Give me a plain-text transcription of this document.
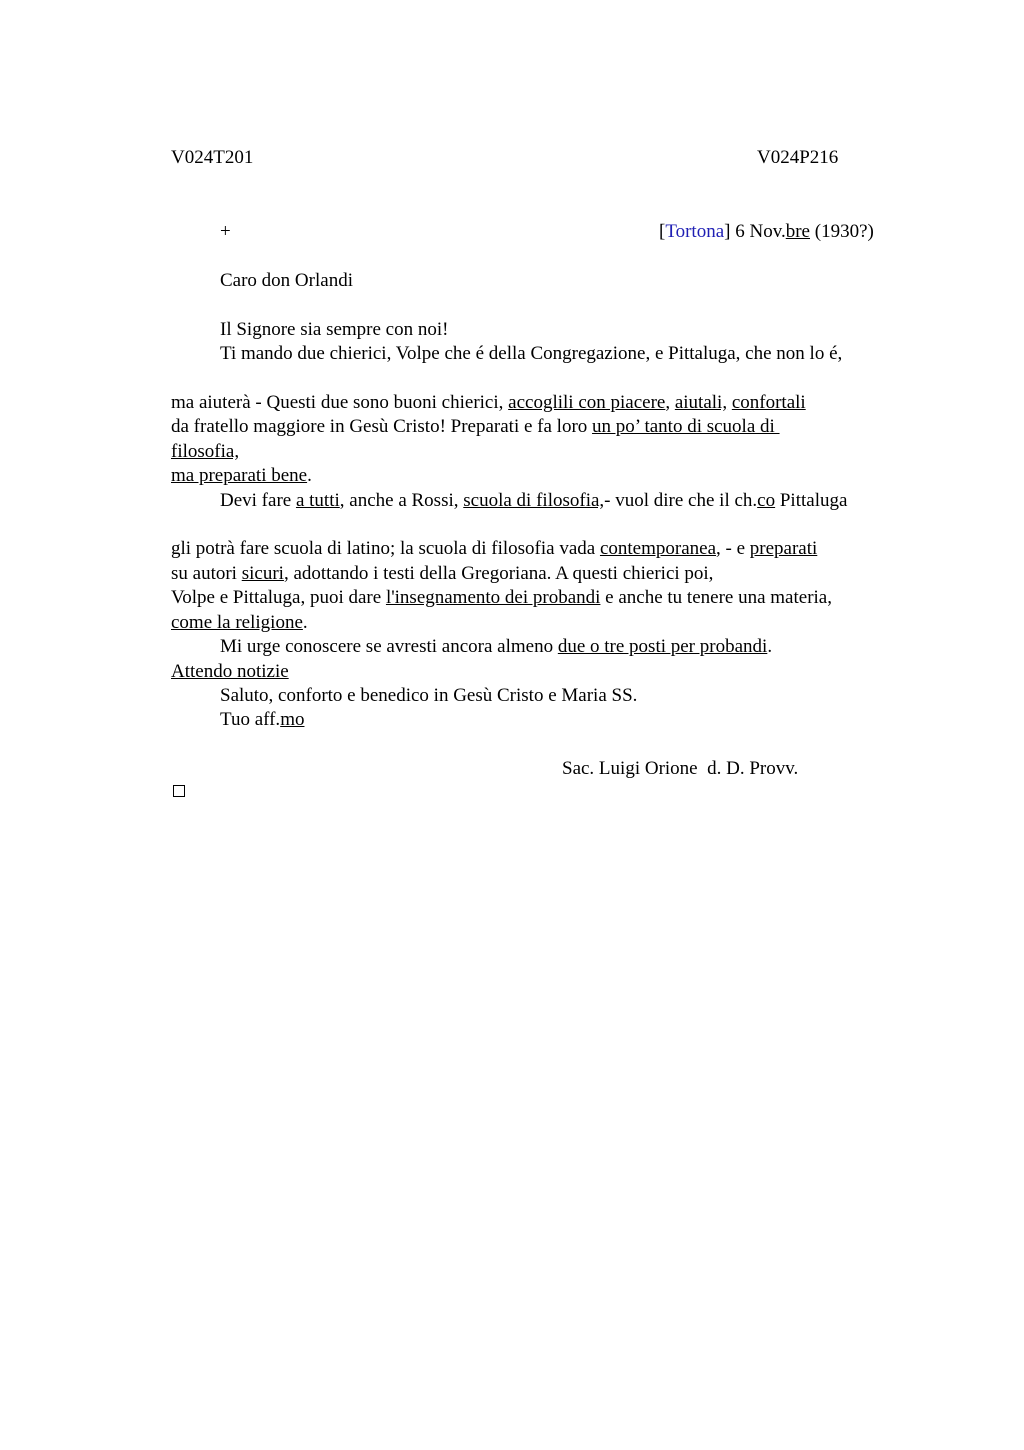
V024T201	V024P216
+	[Tortona] 6 Nov.bre (1930?)
Caro don Orlandi
Il Signore sia sempre con noi!
Ti mando due chierici, Volpe che é della Congregazione, e Pittaluga, che non lo é,
ma aiuterà - Questi due sono buoni chierici, accoglili con piacere, aiutali, confortali
da fratello maggiore in Gesù Cristo! Preparati e fa loro un po’ tanto di scuola di
filosofia,
ma preparati bene.
Devi fare a tutti, anche a Rossi, scuola di filosofia,- vuol dire che il ch.co Pittaluga
gli potrà fare scuola di latino; la scuola di filosofia vada contemporanea, - e preparati
su autori sicuri, adottando i testi della Gregoriana. A questi chierici poi,
Volpe e Pittaluga, puoi dare l'insegnamento dei probandi e anche tu tenere una materia,
come la religione.
Mi urge conoscere se avresti ancora almeno due o tre posti per probandi.
Attendo notizie
Saluto, conforto e benedico in Gesù Cristo e Maria SS.
Tuo aff.mo
Sac. Luigi Orione  d. D. Provv.
